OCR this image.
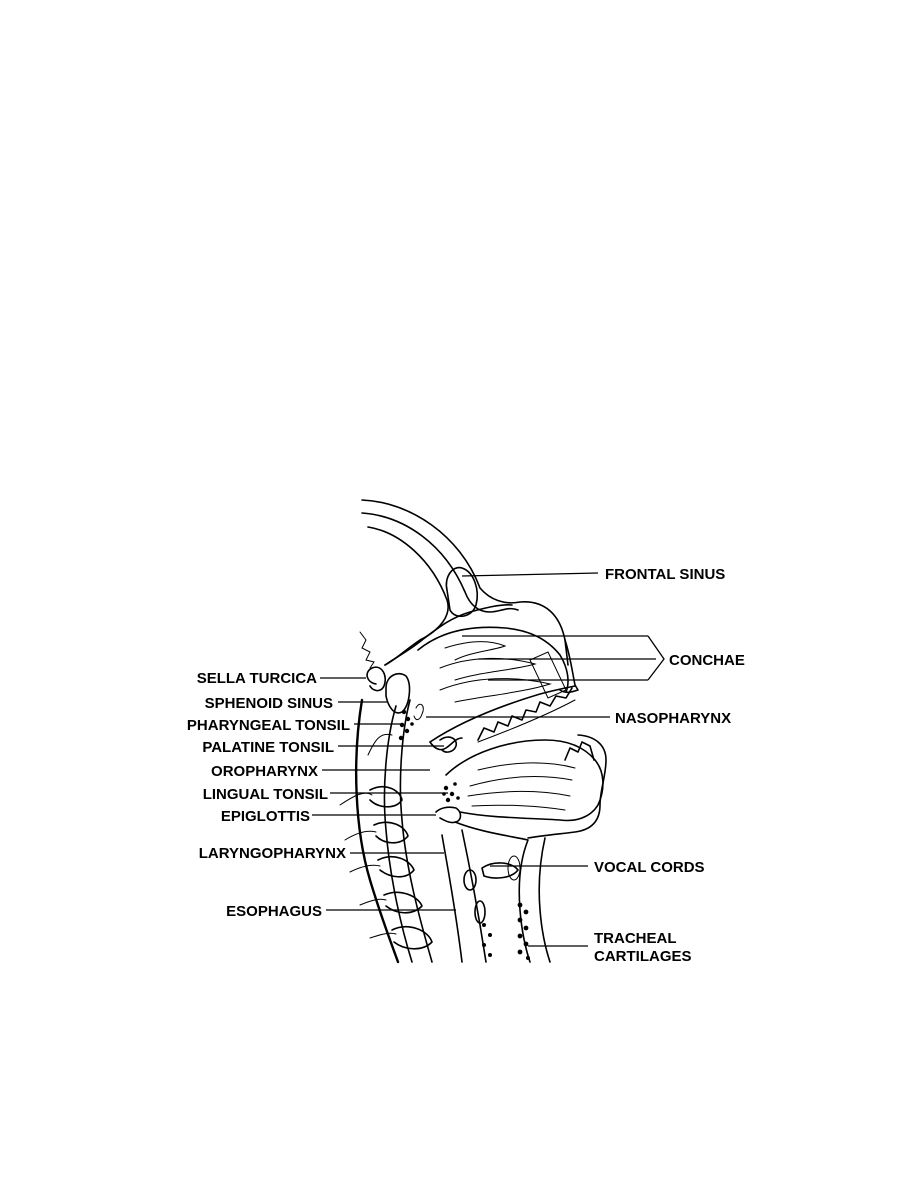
FRONTAL SINUS
CONCHAE
SELLA TURCICA
SPHENOID SINUS
PHARYNGEAL TONSIL	NASOPHARYNX
PALATINE TONSIL
OROPHARYNX
LINGUAL TONSIL
EPIGLOTTIS
LARYNGOPHARYNX
VOCAL CORDS
ESOPHAGUS
TRACHEAL
CARTILAGES
